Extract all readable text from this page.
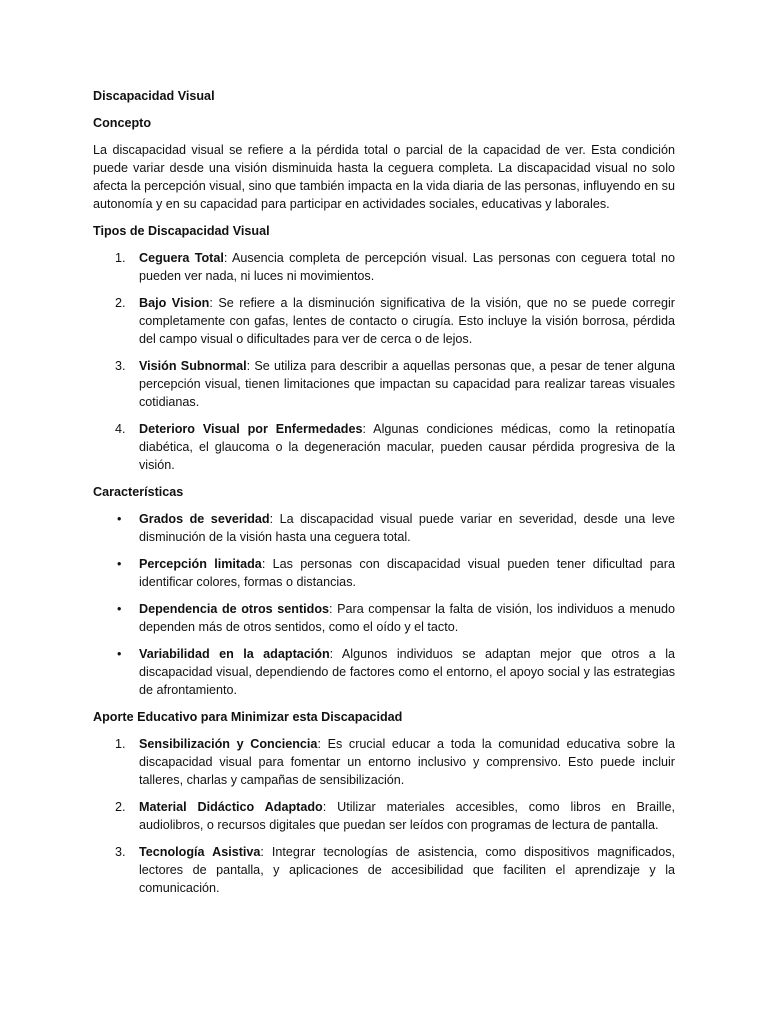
Discapacidad Visual
Concepto

La discapacidad visual se refiere a la pérdida total o parcial de la capacidad de ver. Esta condición puede variar desde una visión disminuida hasta la ceguera completa. La discapacidad visual no solo afecta la percepción visual, sino que también impacta en la vida diaria de las personas, influyendo en su autonomía y en su capacidad para participar en actividades sociales, educativas y laborales.

Tipos de Discapacidad Visual
1.	Ceguera Total: Ausencia completa de percepción visual. Las personas con ceguera total no pueden ver nada, ni luces ni movimientos.
2.	Bajo Vision: Se refiere a la disminución significativa de la visión, que no se puede corregir completamente con gafas, lentes de contacto o cirugía. Esto incluye la visión borrosa, pérdida del campo visual o dificultades para ver de cerca o de lejos.
3.	Visión Subnormal: Se utiliza para describir a aquellas personas que, a pesar de tener alguna percepción visual, tienen limitaciones que impactan su capacidad para realizar tareas visuales cotidianas.
4.	Deterioro Visual por Enfermedades: Algunas condiciones médicas, como la retinopatía diabética, el glaucoma o la degeneración macular, pueden causar pérdida progresiva de la visión.
Características
•	Grados de severidad: La discapacidad visual puede variar en severidad, desde una leve disminución de la visión hasta una ceguera total.
•	Percepción limitada: Las personas con discapacidad visual pueden tener dificultad para identificar colores, formas o distancias.
•	Dependencia de otros sentidos: Para compensar la falta de visión, los individuos a menudo dependen más de otros sentidos, como el oído y el tacto.
•	Variabilidad en la adaptación: Algunos individuos se adaptan mejor que otros a la discapacidad visual, dependiendo de factores como el entorno, el apoyo social y las estrategias de afrontamiento.
Aporte Educativo para Minimizar esta Discapacidad
1.	Sensibilización y Conciencia: Es crucial educar a toda la comunidad educativa sobre la discapacidad visual para fomentar un entorno inclusivo y comprensivo. Esto puede incluir talleres, charlas y campañas de sensibilización.
2.	Material Didáctico Adaptado: Utilizar materiales accesibles, como libros en Braille, audiolibros, o recursos digitales que puedan ser leídos con programas de lectura de pantalla.
3.	Tecnología Asistiva: Integrar tecnologías de asistencia, como dispositivos magnificados, lectores de pantalla, y aplicaciones de accesibilidad que faciliten el aprendizaje y la comunicación.
